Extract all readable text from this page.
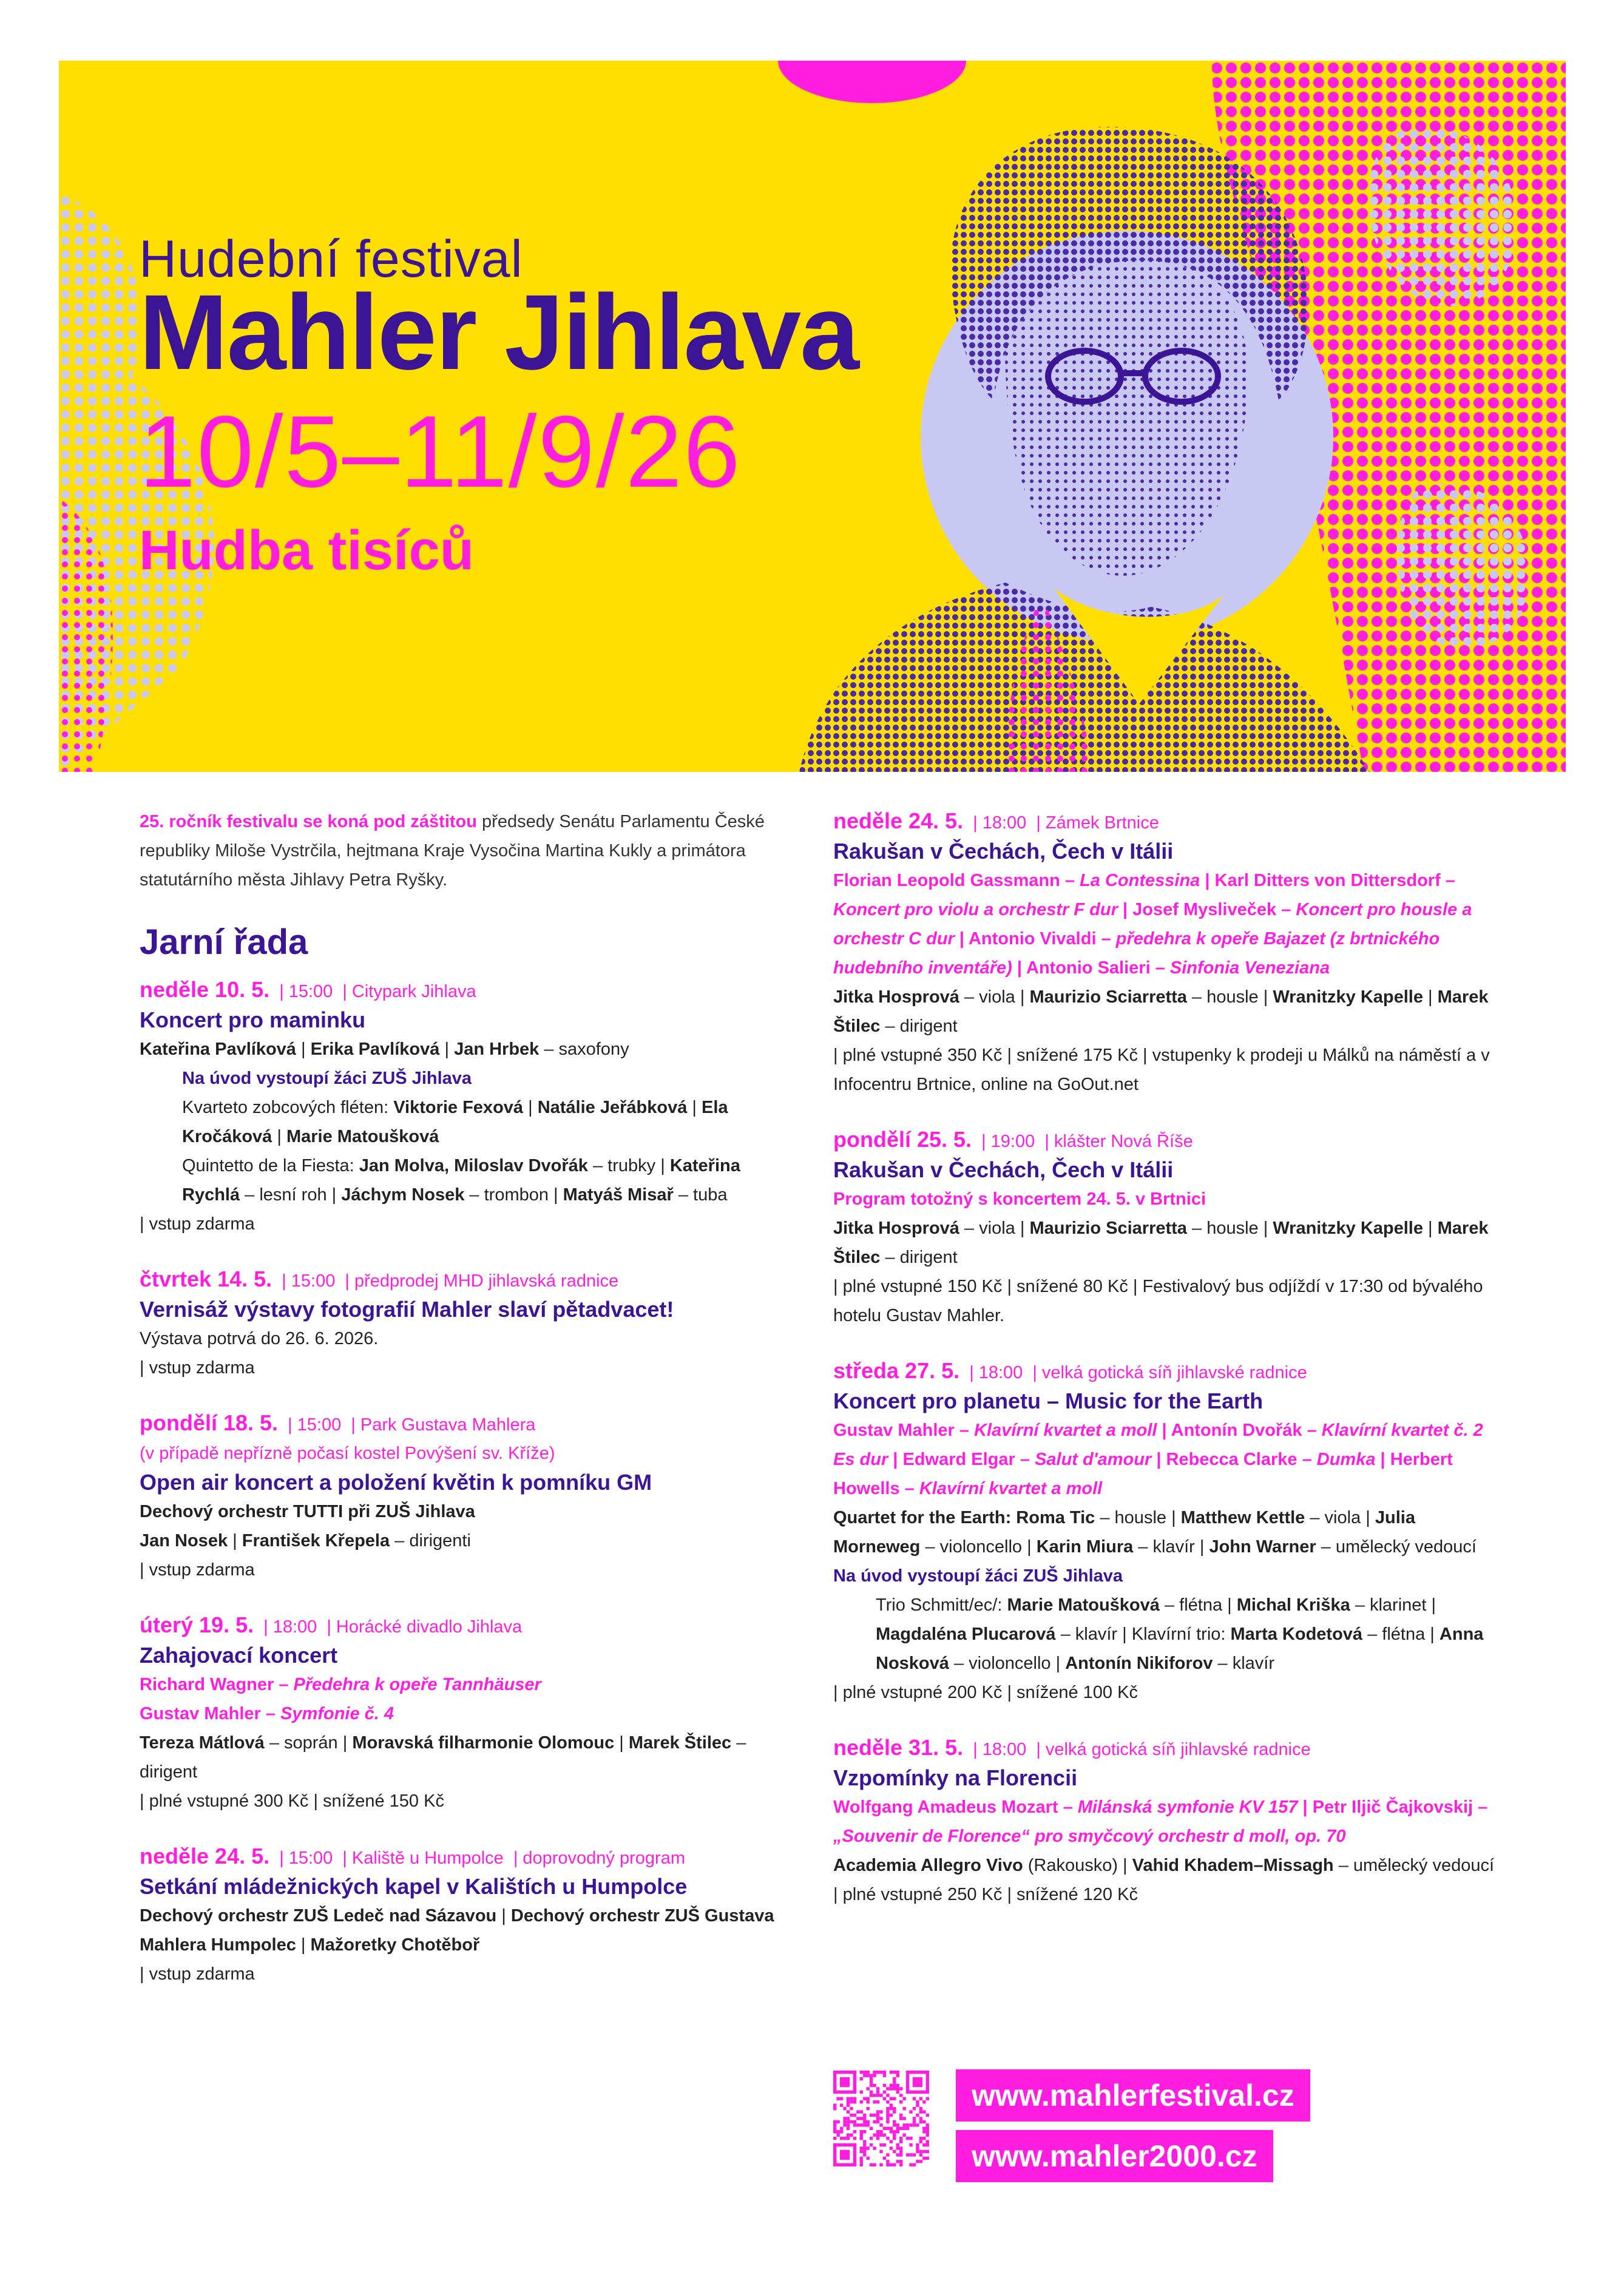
Hudební festival
Mahler Jihlava
10/5–11/9/26
Hudba tisíců

25. ročník festivalu se koná pod záštitou předsedy Senátu Parlamentu České republiky Miloše Vystrčila, hejtmana Kraje Vysočina Martina Kukly a primátora statutárního města Jihlavy Petra Ryšky.

Jarní řada
neděle 10. 5. | 15:00 | Citypark Jihlava
Koncert pro maminku
Kateřina Pavlíková | Erika Pavlíková | Jan Hrbek – saxofony
Na úvod vystoupí žáci ZUŠ Jihlava
Kvarteto zobcových fléten: Viktorie Fexová | Natálie Jeřábková | Ela Kročáková | Marie Matoušková
Quintetto de la Fiesta: Jan Molva, Miloslav Dvořák – trubky | Kateřina Rychlá – lesní roh | Jáchym Nosek – trombon | Matyáš Misař – tuba
| vstup zdarma
čtvrtek 14. 5. | 15:00 | předprodej MHD jihlavská radnice
Vernisáž výstavy fotografií Mahler slaví pětadvacet!
Výstava potrvá do 26. 6. 2026.
| vstup zdarma
pondělí 18. 5. | 15:00 | Park Gustava Mahlera
(v případě nepřízně počasí kostel Povýšení sv. Kříže)
Open air koncert a položení květin k pomníku GM
Dechový orchestr TUTTI při ZUŠ Jihlava
Jan Nosek | František Křepela – dirigenti
| vstup zdarma
úterý 19. 5. | 18:00 | Horácké divadlo Jihlava
Zahajovací koncert
Richard Wagner – Předehra k opeře Tannhäuser
Gustav Mahler – Symfonie č. 4
Tereza Mátlová – soprán | Moravská filharmonie Olomouc | Marek Štilec – dirigent
| plné vstupné 300 Kč | snížené 150 Kč
neděle 24. 5. | 15:00 | Kaliště u Humpolce | doprovodný program
Setkání mládežnických kapel v Kalištích u Humpolce
Dechový orchestr ZUŠ Ledeč nad Sázavou | Dechový orchestr ZUŠ Gustava Mahlera Humpolec | Mažoretky Chotěboř
| vstup zdarma
neděle 24. 5. | 18:00 | Zámek Brtnice
Rakušan v Čechách, Čech v Itálii
Florian Leopold Gassmann – La Contessina | Karl Ditters von Dittersdorf – Koncert pro violu a orchestr F dur | Josef Mysliveček – Koncert pro housle a orchestr C dur | Antonio Vivaldi – předehra k opeře Bajazet (z brtnického hudebního inventáře) | Antonio Salieri – Sinfonia Veneziana
Jitka Hosprová – viola | Maurizio Sciarretta – housle | Wranitzky Kapelle | Marek Štilec – dirigent
| plné vstupné 350 Kč | snížené 175 Kč | vstupenky k prodeji u Málků na náměstí a v Infocentru Brtnice, online na GoOut.net
pondělí 25. 5. | 19:00 | klášter Nová Říše
Rakušan v Čechách, Čech v Itálii
Program totožný s koncertem 24. 5. v Brtnici
Jitka Hosprová – viola | Maurizio Sciarretta – housle | Wranitzky Kapelle | Marek Štilec – dirigent
| plné vstupné 150 Kč | snížené 80 Kč | Festivalový bus odjíždí v 17:30 od bývalého hotelu Gustav Mahler.
středa 27. 5. | 18:00 | velká gotická síň jihlavské radnice
Koncert pro planetu – Music for the Earth
Gustav Mahler – Klavírní kvartet a moll | Antonín Dvořák – Klavírní kvartet č. 2 Es dur | Edward Elgar – Salut d'amour | Rebecca Clarke – Dumka | Herbert Howells – Klavírní kvartet a moll
Quartet for the Earth: Roma Tic – housle | Matthew Kettle – viola | Julia Morneweg – violoncello | Karin Miura – klavír | John Warner – umělecký vedoucí
Na úvod vystoupí žáci ZUŠ Jihlava
Trio Schmitt/ec/: Marie Matoušková – flétna | Michal Kriška – klarinet | Magdaléna Plucarová – klavír | Klavírní trio: Marta Kodetová – flétna | Anna Nosková – violoncello | Antonín Nikiforov – klavír
| plné vstupné 200 Kč | snížené 100 Kč
neděle 31. 5. | 18:00 | velká gotická síň jihlavské radnice
Vzpomínky na Florencii
Wolfgang Amadeus Mozart – Milánská symfonie KV 157 | Petr Iljič Čajkovskij – „Souvenir de Florence“ pro smyčcový orchestr d moll, op. 70
Academia Allegro Vivo (Rakousko) | Vahid Khadem–Missagh – umělecký vedoucí
| plné vstupné 250 Kč | snížené 120 Kč
www.mahlerfestival.cz
www.mahler2000.cz
